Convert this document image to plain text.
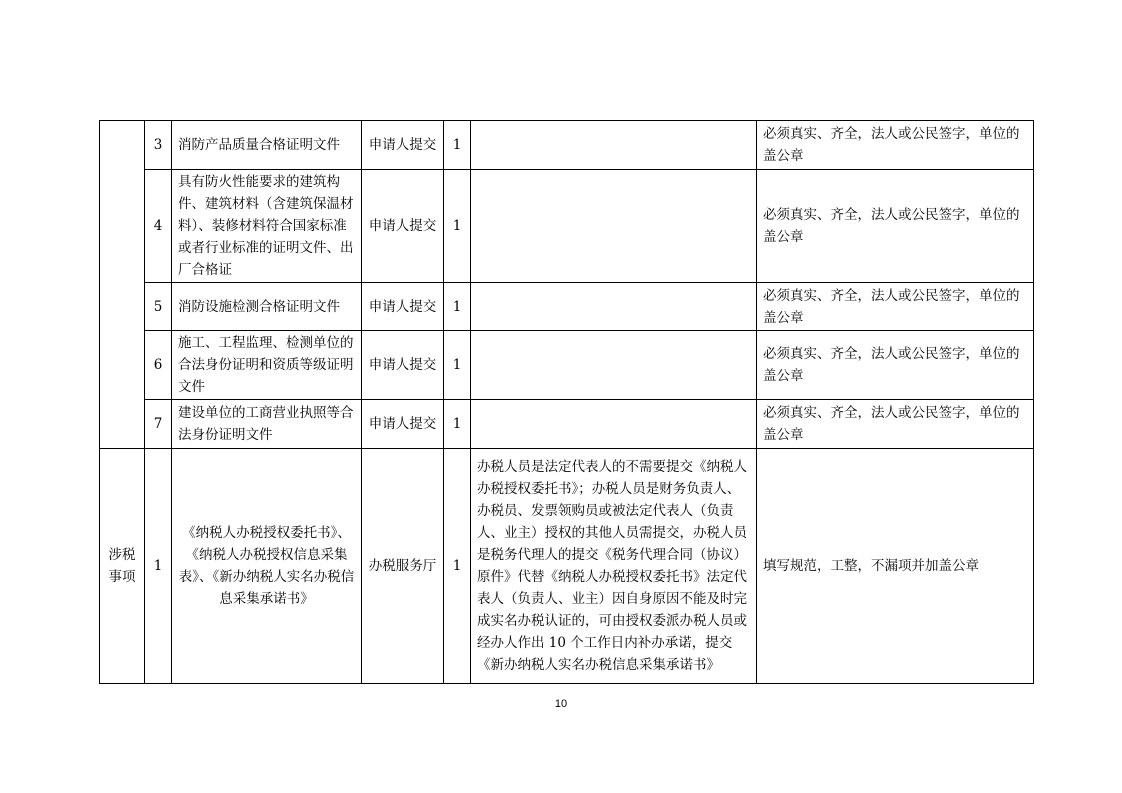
	3	消防产品质量合格证明文件	申请人提交	1		必须真实、齐全，法人或公民签字，单位的盖公章
	4	具有防火性能要求的建筑构件、建筑材料（含建筑保温材料）、装修材料符合国家标准或者行业标准的证明文件、出厂合格证	申请人提交	1		必须真实、齐全，法人或公民签字，单位的盖公章
	5	消防设施检测合格证明文件	申请人提交	1		必须真实、齐全，法人或公民签字，单位的盖公章
	6	施工、工程监理、检测单位的合法身份证明和资质等级证明文件	申请人提交	1		必须真实、齐全，法人或公民签字，单位的盖公章
	7	建设单位的工商营业执照等合法身份证明文件	申请人提交	1		必须真实、齐全，法人或公民签字，单位的盖公章
涉税事项	1	《纳税人办税授权委托书》、《纳税人办税授权信息采集表》、《新办纳税人实名办税信息采集承诺书》	办税服务厅	1	办税人员是法定代表人的不需要提交《纳税人办税授权委托书》；办税人员是财务负责人、办税员、发票领购员或被法定代表人（负责人、业主）授权的其他人员需提交，办税人员是税务代理人的提交《税务代理合同（协议）原件》代替《纳税人办税授权委托书》法定代表人（负责人、业主）因自身原因不能及时完成实名办税认证的，可由授权委派办税人员或经办人作出 10 个工作日内补办承诺，提交《新办纳税人实名办税信息采集承诺书》	填写规范，工整，不漏项并加盖公章
10
